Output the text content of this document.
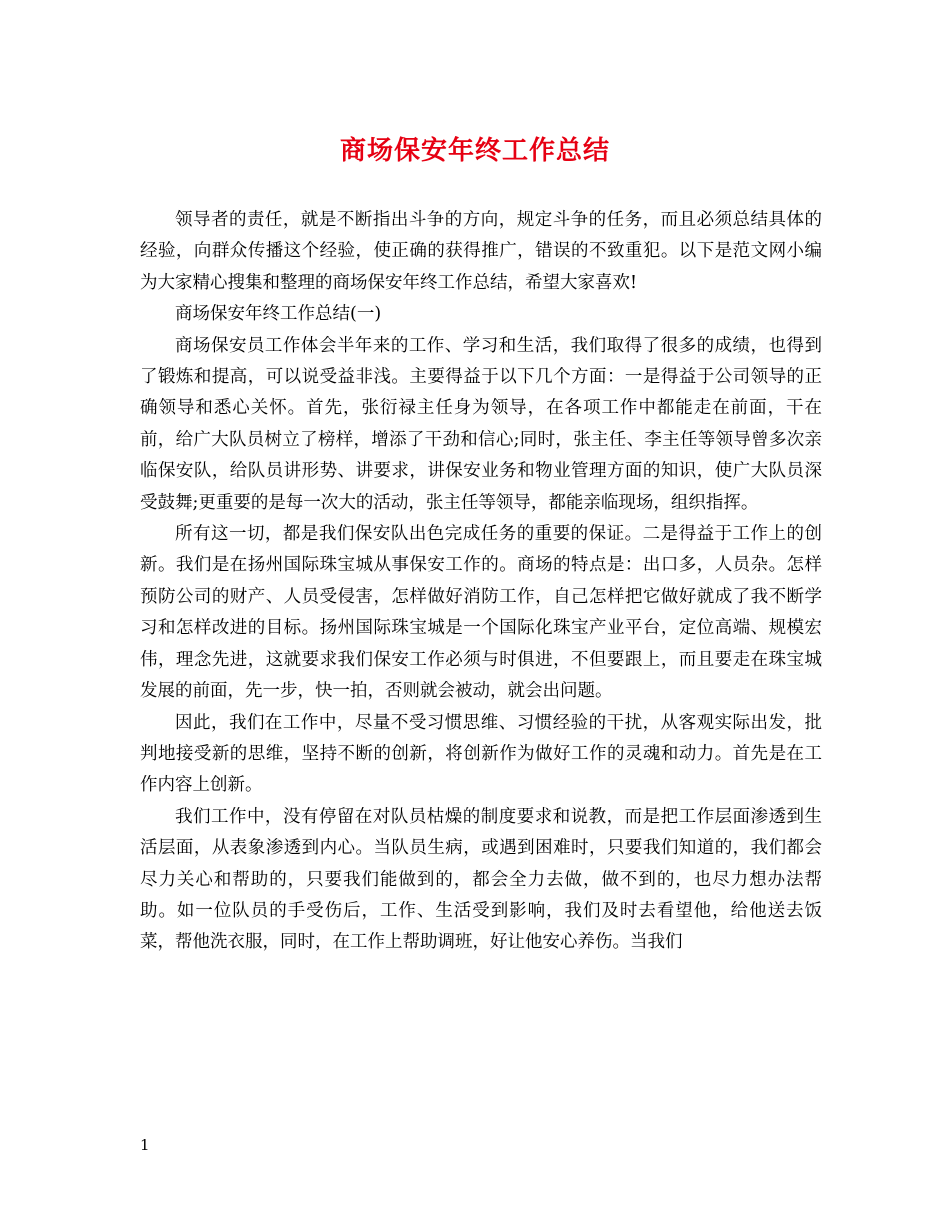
商场保安年终工作总结

领导者的责任，就是不断指出斗争的方向，规定斗争的任务，而且必须总结具体的经验，向群众传播这个经验，使正确的获得推广，错误的不致重犯。以下是范文网小编为大家精心搜集和整理的商场保安年终工作总结，希望大家喜欢!

商场保安年终工作总结(一)

商场保安员工作体会半年来的工作、学习和生活，我们取得了很多的成绩，也得到了锻炼和提高，可以说受益非浅。主要得益于以下几个方面：一是得益于公司领导的正确领导和悉心关怀。首先，张衍禄主任身为领导，在各项工作中都能走在前面，干在前，给广大队员树立了榜样，增添了干劲和信心;同时，张主任、李主任等领导曾多次亲临保安队，给队员讲形势、讲要求，讲保安业务和物业管理方面的知识，使广大队员深受鼓舞;更重要的是每一次大的活动，张主任等领导，都能亲临现场，组织指挥。

所有这一切，都是我们保安队出色完成任务的重要的保证。二是得益于工作上的创新。我们是在扬州国际珠宝城从事保安工作的。商场的特点是：出口多，人员杂。怎样预防公司的财产、人员受侵害，怎样做好消防工作，自己怎样把它做好就成了我不断学习和怎样改进的目标。扬州国际珠宝城是一个国际化珠宝产业平台，定位高端、规模宏伟，理念先进，这就要求我们保安工作必须与时俱进，不但要跟上，而且要走在珠宝城发展的前面，先一步，快一拍，否则就会被动，就会出问题。

因此，我们在工作中，尽量不受习惯思维、习惯经验的干扰，从客观实际出发，批判地接受新的思维，坚持不断的创新，将创新作为做好工作的灵魂和动力。首先是在工作内容上创新。

我们工作中，没有停留在对队员枯燥的制度要求和说教，而是把工作层面渗透到生活层面，从表象渗透到内心。当队员生病，或遇到困难时，只要我们知道的，我们都会尽力关心和帮助的，只要我们能做到的，都会全力去做，做不到的，也尽力想办法帮助。如一位队员的手受伤后，工作、生活受到影响，我们及时去看望他，给他送去饭菜，帮他洗衣服，同时，在工作上帮助调班，好让他安心养伤。当我们

1
